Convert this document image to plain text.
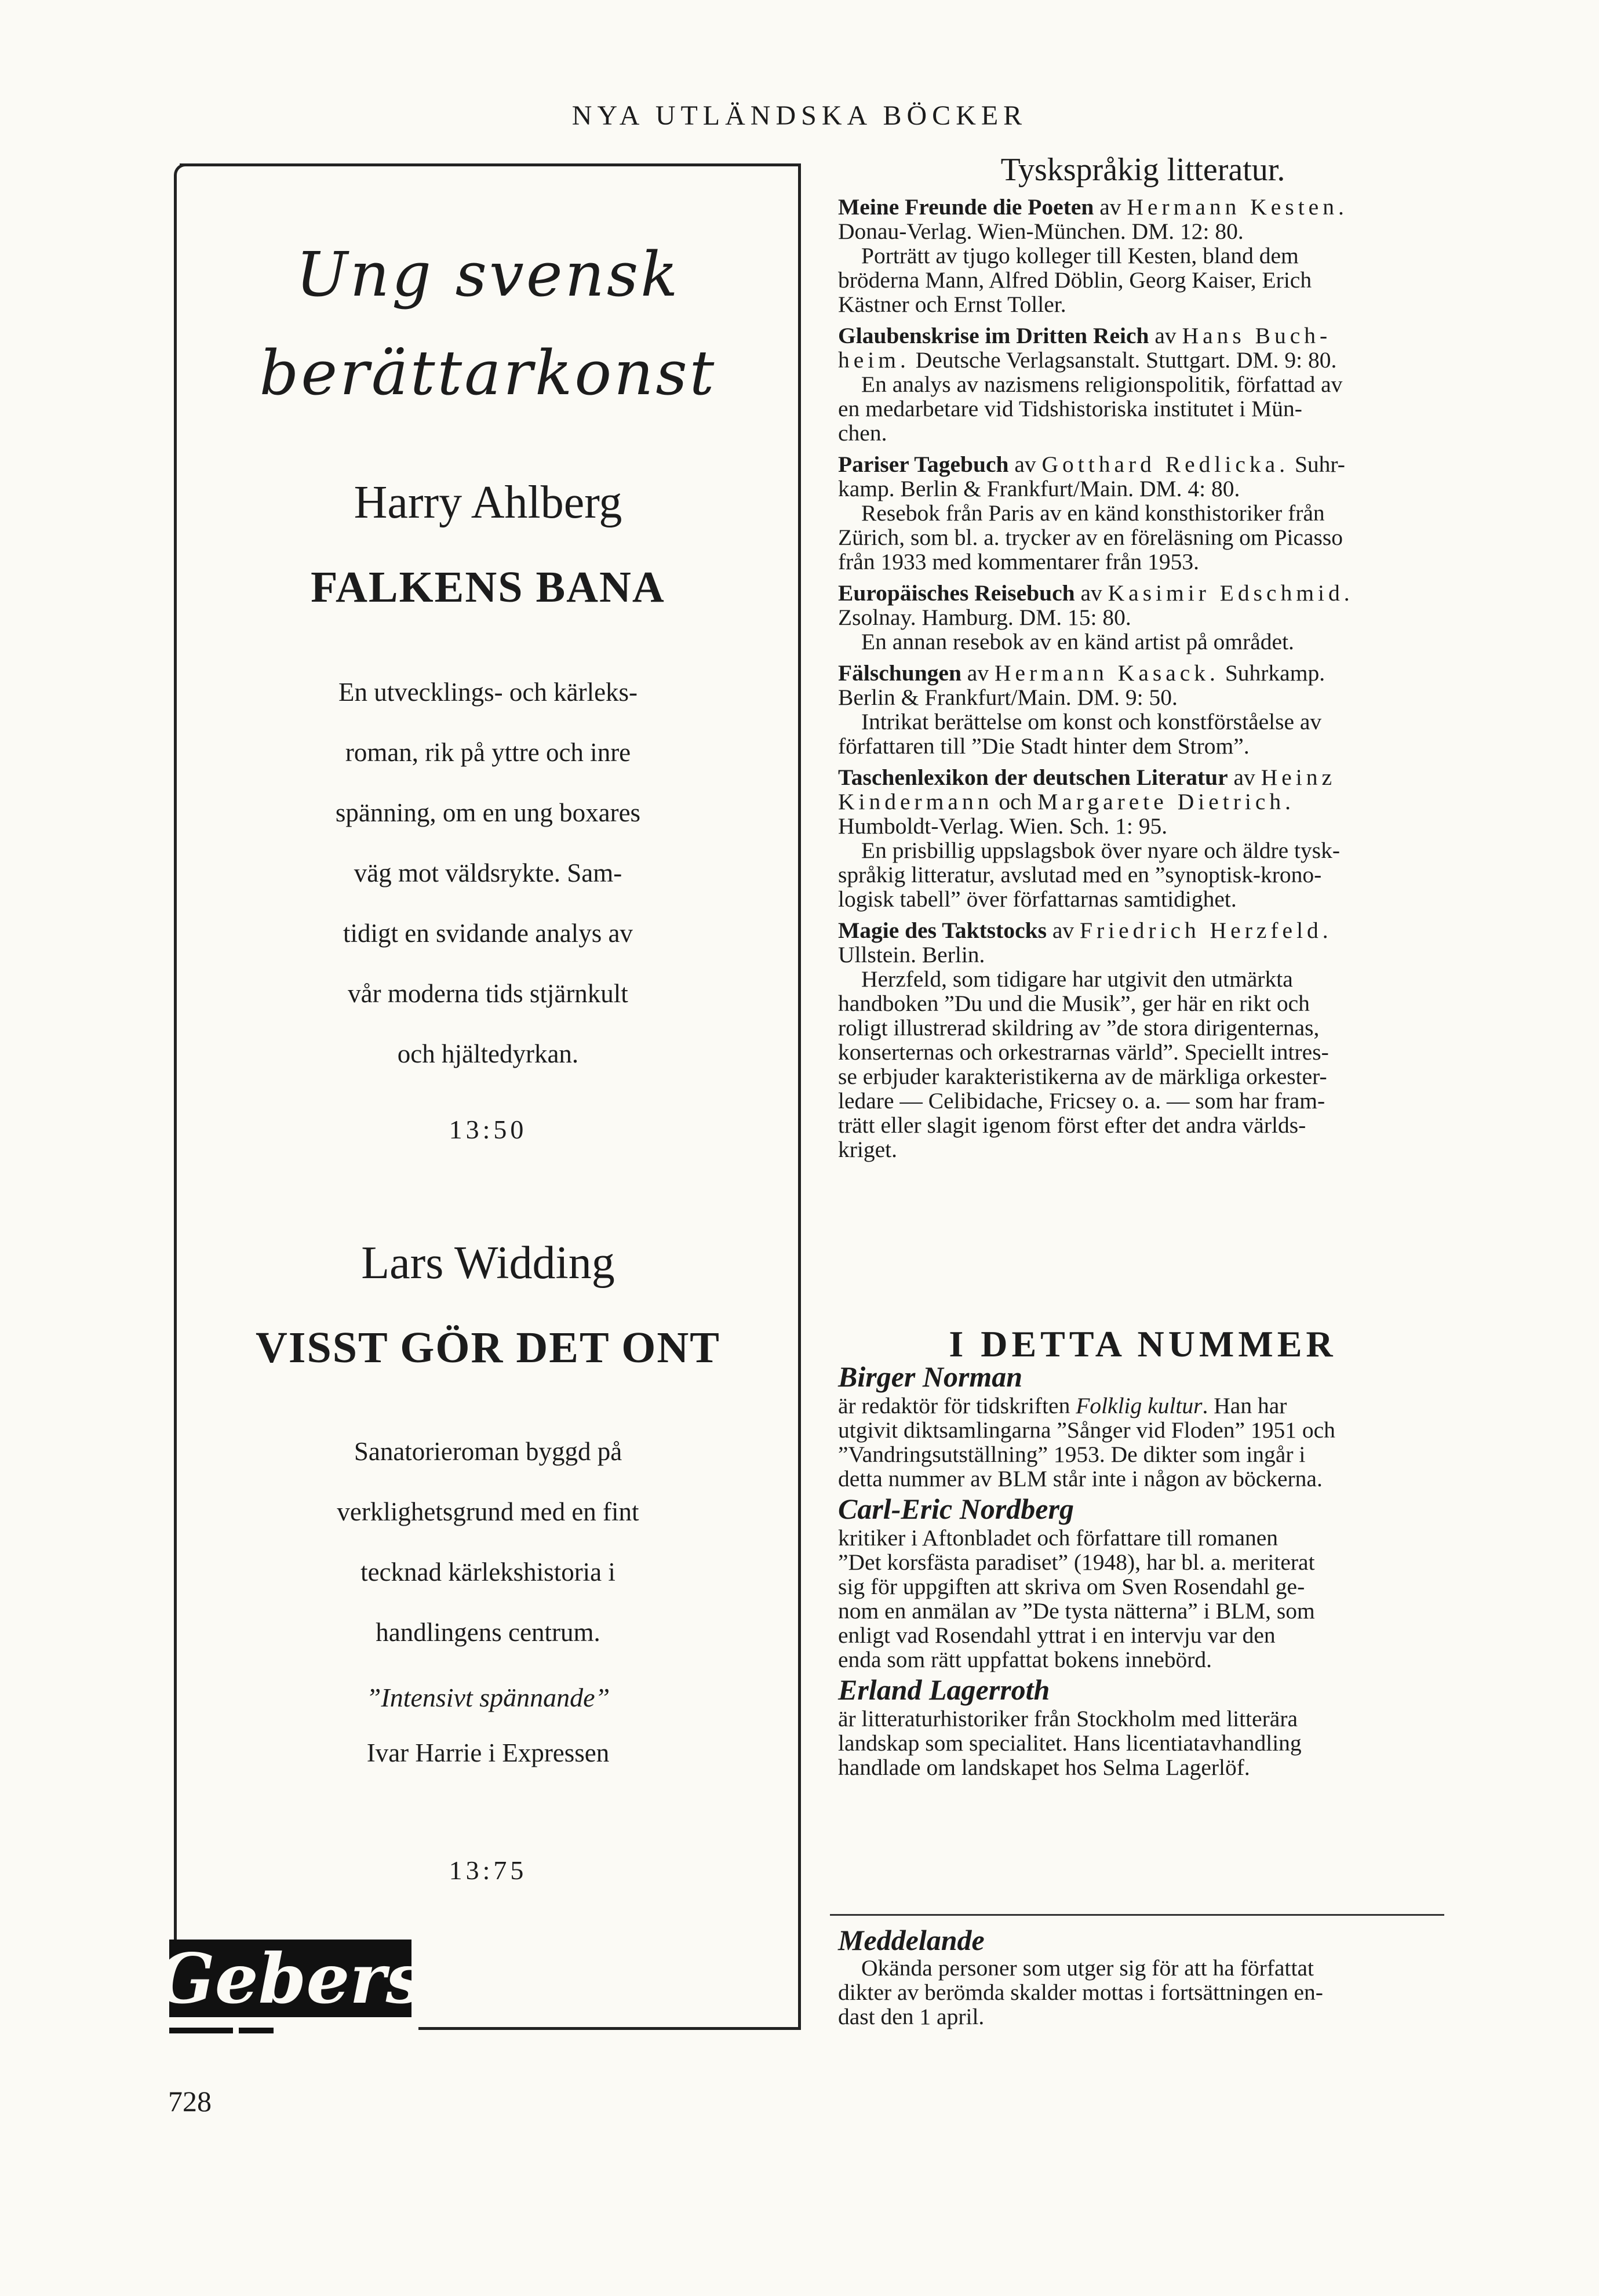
NYA UTLÄNDSKA BÖCKER
Ung svensk
berättarkonst
Harry Ahlberg
FALKENS BANA
En utvecklings- och kärleks-
roman, rik på yttre och inre
spänning, om en ung boxares
väg mot väldsrykte. Sam-
tidigt en svidande analys av
vår moderna tids stjärnkult
och hjältedyrkan.
13:50
Lars Widding
VISST GÖR DET ONT
Sanatorieroman byggd på
verklighetsgrund med en fint
tecknad kärlekshistoria i
handlingens centrum.
”Intensivt spännande”
Ivar Harrie i Expressen
13:75
Gebers
728
Tyskspråkig litteratur.
Meine Freunde die Poeten av Hermann Kesten.
Donau-Verlag. Wien-München. DM. 12: 80.
Porträtt av tjugo kolleger till Kesten, bland dem
bröderna Mann, Alfred Döblin, Georg Kaiser, Erich
Kästner och Ernst Toller.
Glaubenskrise im Dritten Reich av Hans Buch-
heim. Deutsche Verlagsanstalt. Stuttgart. DM. 9: 80.
En analys av nazismens religionspolitik, författad av
en medarbetare vid Tidshistoriska institutet i Mün-
chen.
Pariser Tagebuch av Gotthard Redlicka. Suhr-
kamp. Berlin & Frankfurt/Main. DM. 4: 80.
Resebok från Paris av en känd konsthistoriker från
Zürich, som bl. a. trycker av en föreläsning om Picasso
från 1933 med kommentarer från 1953.
Europäisches Reisebuch av Kasimir Edschmid.
Zsolnay. Hamburg. DM. 15: 80.
En annan resebok av en känd artist på området.
Fälschungen av Hermann Kasack. Suhrkamp.
Berlin & Frankfurt/Main. DM. 9: 50.
Intrikat berättelse om konst och konstförståelse av
författaren till ”Die Stadt hinter dem Strom”.
Taschenlexikon der deutschen Literatur av Heinz
Kindermann och Margarete Dietrich.
Humboldt-Verlag. Wien. Sch. 1: 95.
En prisbillig uppslagsbok över nyare och äldre tysk-
språkig litteratur, avslutad med en ”synoptisk-krono-
logisk tabell” över författarnas samtidighet.
Magie des Taktstocks av Friedrich Herzfeld.
Ullstein. Berlin.
Herzfeld, som tidigare har utgivit den utmärkta
handboken ”Du und die Musik”, ger här en rikt och
roligt illustrerad skildring av ”de stora dirigenternas,
konserternas och orkestrarnas värld”. Speciellt intres-
se erbjuder karakteristikerna av de märkliga orkester-
ledare — Celibidache, Fricsey o. a. — som har fram-
trätt eller slagit igenom först efter det andra världs-
kriget.
I DETTA NUMMER
Birger Norman
är redaktör för tidskriften Folklig kultur. Han har
utgivit diktsamlingarna ”Sånger vid Floden” 1951 och
”Vandringsutställning” 1953. De dikter som ingår i
detta nummer av BLM står inte i någon av böckerna.
Carl-Eric Nordberg
kritiker i Aftonbladet och författare till romanen
”Det korsfästa paradiset” (1948), har bl. a. meriterat
sig för uppgiften att skriva om Sven Rosendahl ge-
nom en anmälan av ”De tysta nätterna” i BLM, som
enligt vad Rosendahl yttrat i en intervju var den
enda som rätt uppfattat bokens innebörd.
Erland Lagerroth
är litteraturhistoriker från Stockholm med litterära
landskap som specialitet. Hans licentiatavhandling
handlade om landskapet hos Selma Lagerlöf.
Meddelande
Okända personer som utger sig för att ha författat
dikter av berömda skalder mottas i fortsättningen en-
dast den 1 april.
